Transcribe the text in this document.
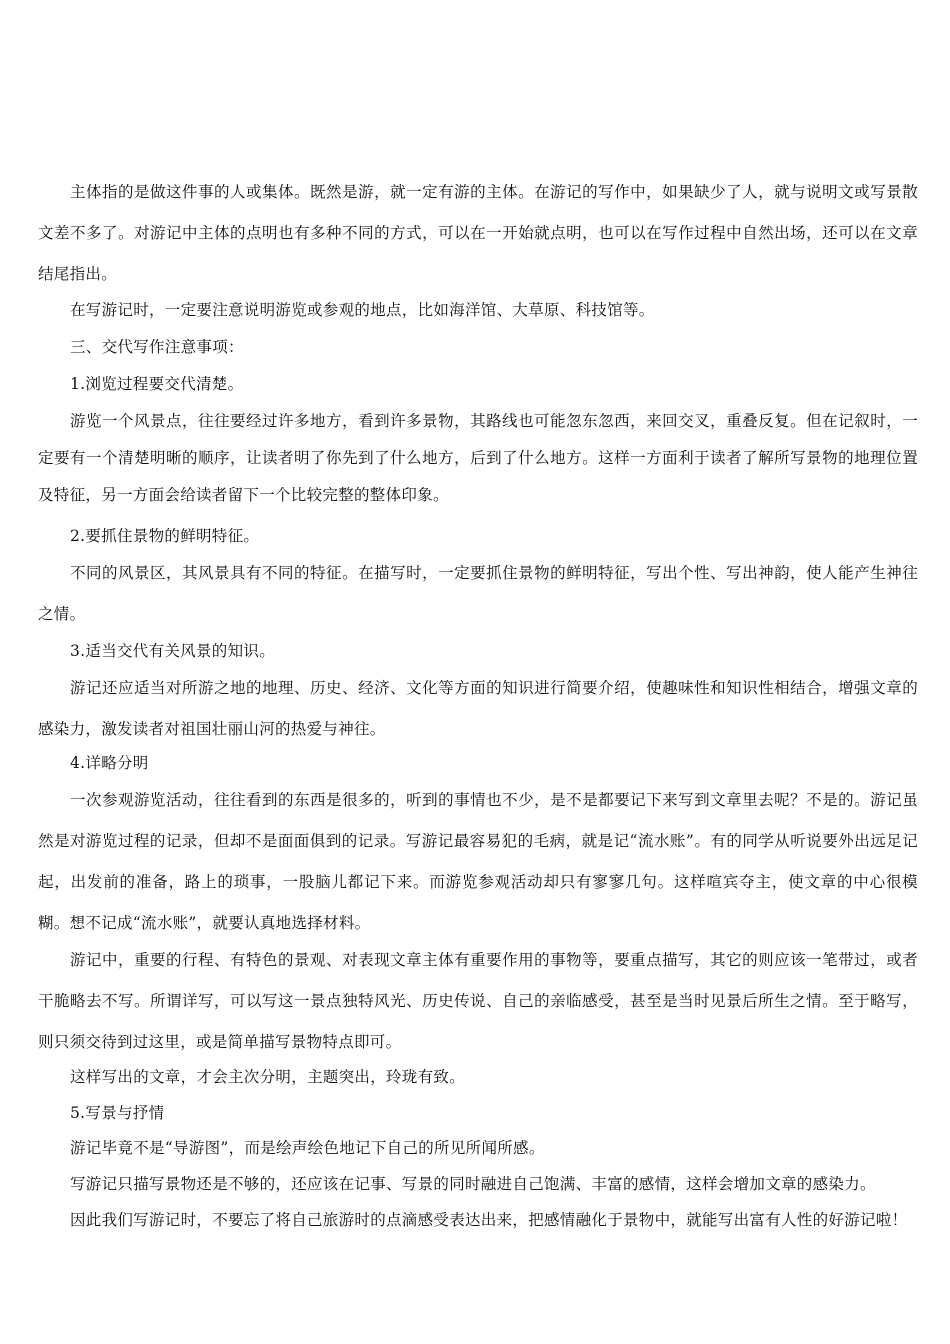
主体指的是做这件事的人或集体。既然是游，就一定有游的主体。在游记的写作中，如果缺少了人，就与说明文或写景散文差不多了。对游记中主体的点明也有多种不同的方式，可以在一开始就点明，也可以在写作过程中自然出场，还可以在文章结尾指出。

在写游记时，一定要注意说明游览或参观的地点，比如海洋馆、大草原、科技馆等。

三、交代写作注意事项：

1.浏览过程要交代清楚。

游览一个风景点，往往要经过许多地方，看到许多景物，其路线也可能忽东忽西，来回交叉，重叠反复。但在记叙时，一定要有一个清楚明晰的顺序，让读者明了你先到了什么地方，后到了什么地方。这样一方面利于读者了解所写景物的地理位置及特征，另一方面会给读者留下一个比较完整的整体印象。

2.要抓住景物的鲜明特征。

不同的风景区，其风景具有不同的特征。在描写时，一定要抓住景物的鲜明特征，写出个性、写出神韵，使人能产生神往之情。

3.适当交代有关风景的知识。

游记还应适当对所游之地的地理、历史、经济、文化等方面的知识进行简要介绍，使趣味性和知识性相结合，增强文章的感染力，激发读者对祖国壮丽山河的热爱与神往。

4.详略分明

一次参观游览活动，往往看到的东西是很多的，听到的事情也不少，是不是都要记下来写到文章里去呢？不是的。游记虽然是对游览过程的记录，但却不是面面俱到的记录。写游记最容易犯的毛病，就是记“流水账”。有的同学从听说要外出远足记起，出发前的准备，路上的琐事，一股脑儿都记下来。而游览参观活动却只有寥寥几句。这样喧宾夺主，使文章的中心很模糊。想不记成“流水账”，就要认真地选择材料。

游记中，重要的行程、有特色的景观、对表现文章主体有重要作用的事物等，要重点描写，其它的则应该一笔带过，或者干脆略去不写。所谓详写，可以写这一景点独特风光、历史传说、自己的亲临感受，甚至是当时见景后所生之情。至于略写，则只须交待到过这里，或是简单描写景物特点即可。

这样写出的文章，才会主次分明，主题突出，玲珑有致。

5.写景与抒情

游记毕竟不是“导游图”，而是绘声绘色地记下自己的所见所闻所感。

写游记只描写景物还是不够的，还应该在记事、写景的同时融进自己饱满、丰富的感情，这样会增加文章的感染力。

因此我们写游记时，不要忘了将自己旅游时的点滴感受表达出来，把感情融化于景物中，就能写出富有人性的好游记啦！
